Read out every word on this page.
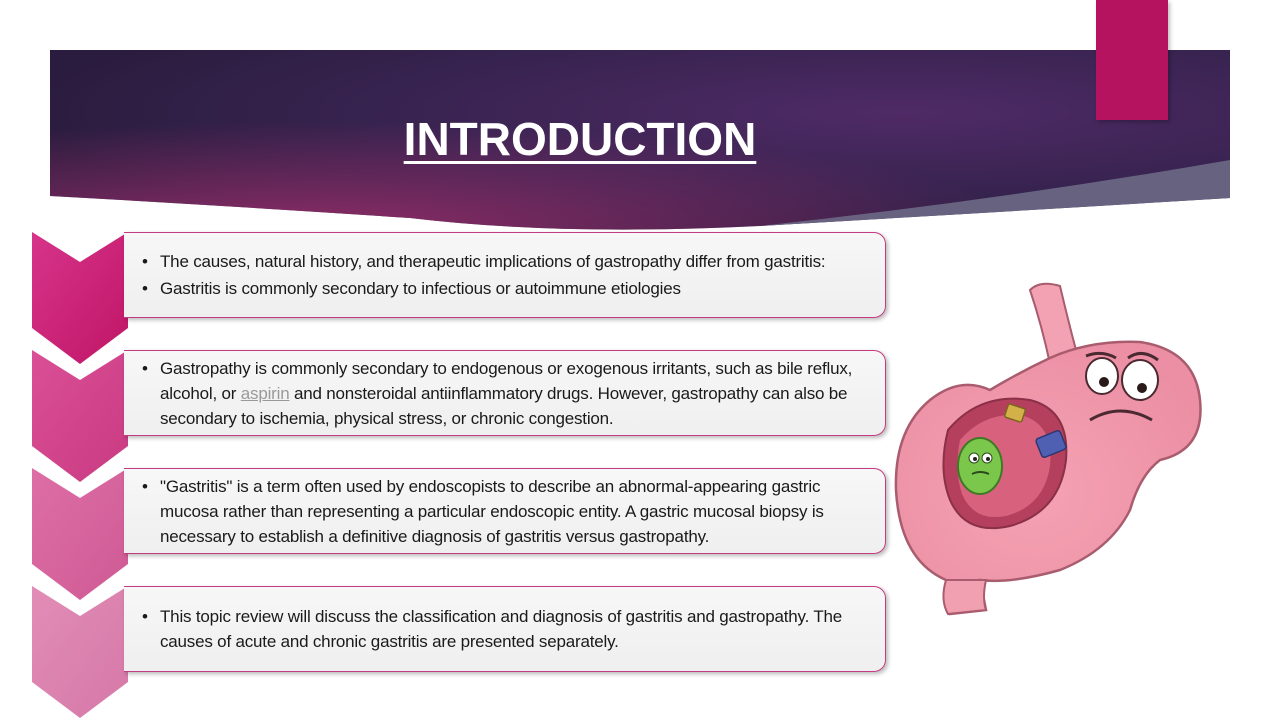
INTRODUCTION
• The causes, natural history, and therapeutic implications of gastropathy differ from gastritis:
• Gastritis is commonly secondary to infectious or autoimmune etiologies
• Gastropathy is commonly secondary to endogenous or exogenous irritants, such as bile reflux, alcohol, or aspirin and nonsteroidal antiinflammatory drugs. However, gastropathy can also be secondary to ischemia, physical stress, or chronic congestion.
• "Gastritis" is a term often used by endoscopists to describe an abnormal-appearing gastric mucosa rather than representing a particular endoscopic entity. A gastric mucosal biopsy is necessary to establish a definitive diagnosis of gastritis versus gastropathy.
• This topic review will discuss the classification and diagnosis of gastritis and gastropathy. The causes of acute and chronic gastritis are presented separately.
